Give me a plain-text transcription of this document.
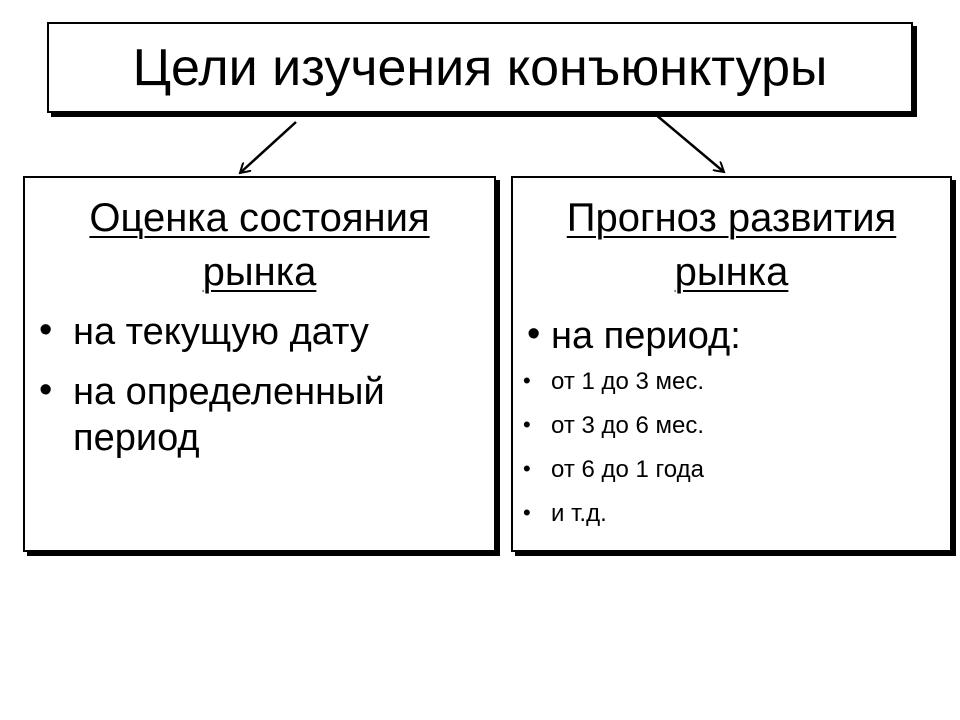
Цели изучения конъюнктуры
Оценка состояния рынка
• на текущую дату
• на определенный период
Прогноз развития рынка
• на период:
• от 1 до 3 мес.
• от 3 до 6 мес.
• от 6 до 1 года
• и т.д.
